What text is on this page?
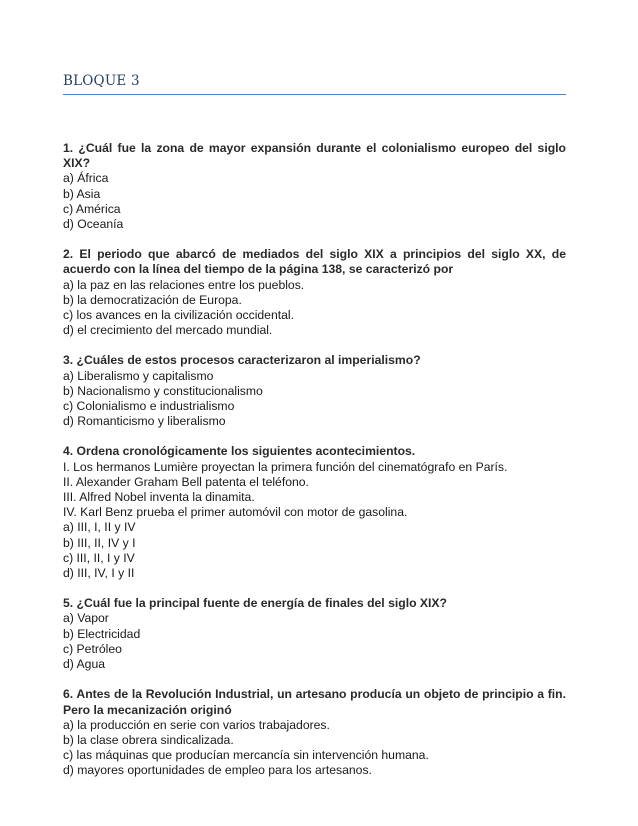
BLOQUE 3
1. ¿Cuál fue la zona de mayor expansión durante el colonialismo europeo del siglo XIX?
a) África
b) Asia
c) América
d) Oceanía
2. El periodo que abarcó de mediados del siglo XIX a principios del siglo XX, de acuerdo con la línea del tiempo de la página 138, se caracterizó por
a) la paz en las relaciones entre los pueblos.
b) la democratización de Europa.
c) los avances en la civilización occidental.
d) el crecimiento del mercado mundial.
3. ¿Cuáles de estos procesos caracterizaron al imperialismo?
a) Liberalismo y capitalismo
b) Nacionalismo y constitucionalismo
c) Colonialismo e industrialismo
d) Romanticismo y liberalismo
4. Ordena cronológicamente los siguientes acontecimientos.
I. Los hermanos Lumière proyectan la primera función del cinematógrafo en París.
II. Alexander Graham Bell patenta el teléfono.
III. Alfred Nobel inventa la dinamita.
IV. Karl Benz prueba el primer automóvil con motor de gasolina.
a) III, I, II y IV
b) III, II, IV y I
c) III, II, I y IV
d) III, IV, I y II
5. ¿Cuál fue la principal fuente de energía de finales del siglo XIX?
a) Vapor
b) Electricidad
c) Petróleo
d) Agua
6. Antes de la Revolución Industrial, un artesano producía un objeto de principio a fin. Pero la mecanización originó
a) la producción en serie con varios trabajadores.
b) la clase obrera sindicalizada.
c) las máquinas que producían mercancía sin intervención humana.
d) mayores oportunidades de empleo para los artesanos.
